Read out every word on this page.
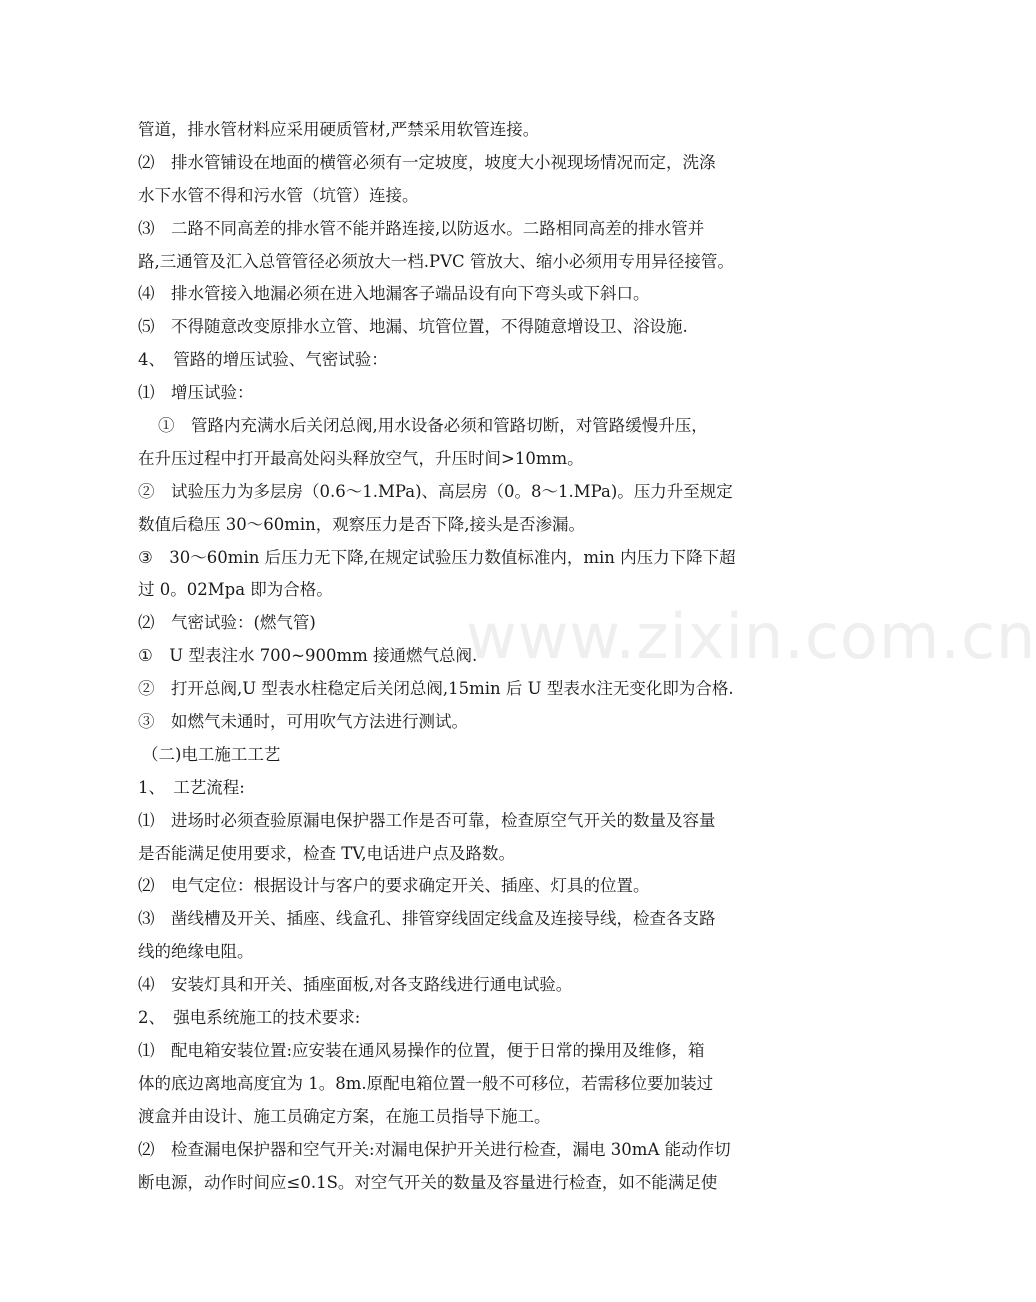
www.zixin.com.cn
管道，排水管材料应采用硬质管材,严禁采用软管连接。
⑵　排水管铺设在地面的横管必须有一定坡度，坡度大小视现场情况而定，洗涤
水下水管不得和污水管（坑管）连接。
⑶　二路不同高差的排水管不能并路连接,以防返水。二路相同高差的排水管并
路,三通管及汇入总管管径必须放大一档.PVC 管放大、缩小必须用专用异径接管。
⑷　排水管接入地漏必须在进入地漏客子端品设有向下弯头或下斜口。
⑸　不得随意改变原排水立管、地漏、坑管位置，不得随意增设卫、浴设施.
4、　管路的增压试验、气密试验：
⑴　增压试验：
①　管路内充满水后关闭总阀,用水设备必须和管路切断，对管路缓慢升压，
在升压过程中打开最高处闷头释放空气，升压时间>10mm。
②　试验压力为多层房（0.6～1.MPa)、高层房（0。8～1.MPa)。压力升至规定
数值后稳压 30～60min，观察压力是否下降,接头是否渗漏。
③　30～60min 后压力无下降,在规定试验压力数值标准内，min 内压力下降下超
过 0。02Mpa 即为合格。
⑵　气密试验：(燃气管)
①　U 型表注水 700~900mm 接通燃气总阀.
②　打开总阀,U 型表水柱稳定后关闭总阀,15min 后 U 型表水注无变化即为合格.
③　如燃气未通时，可用吹气方法进行测试。
（二)电工施工工艺
1、　工艺流程:
⑴　进场时必须查验原漏电保护器工作是否可靠，检查原空气开关的数量及容量
是否能满足使用要求，检查 TV,电话进户点及路数。
⑵　电气定位：根据设计与客户的要求确定开关、插座、灯具的位置。
⑶　凿线槽及开关、插座、线盒孔、排管穿线固定线盒及连接导线，检查各支路
线的绝缘电阻。
⑷　安装灯具和开关、插座面板,对各支路线进行通电试验。
2、　强电系统施工的技术要求:
⑴　配电箱安装位置:应安装在通风易操作的位置，便于日常的操用及维修，箱
体的底边离地高度宜为 1。8m.原配电箱位置一般不可移位，若需移位要加装过
渡盒并由设计、施工员确定方案，在施工员指导下施工。
⑵　检查漏电保护器和空气开关:对漏电保护开关进行检查，漏电 30mA 能动作切
断电源，动作时间应≤0.1S。对空气开关的数量及容量进行检查，如不能满足使
